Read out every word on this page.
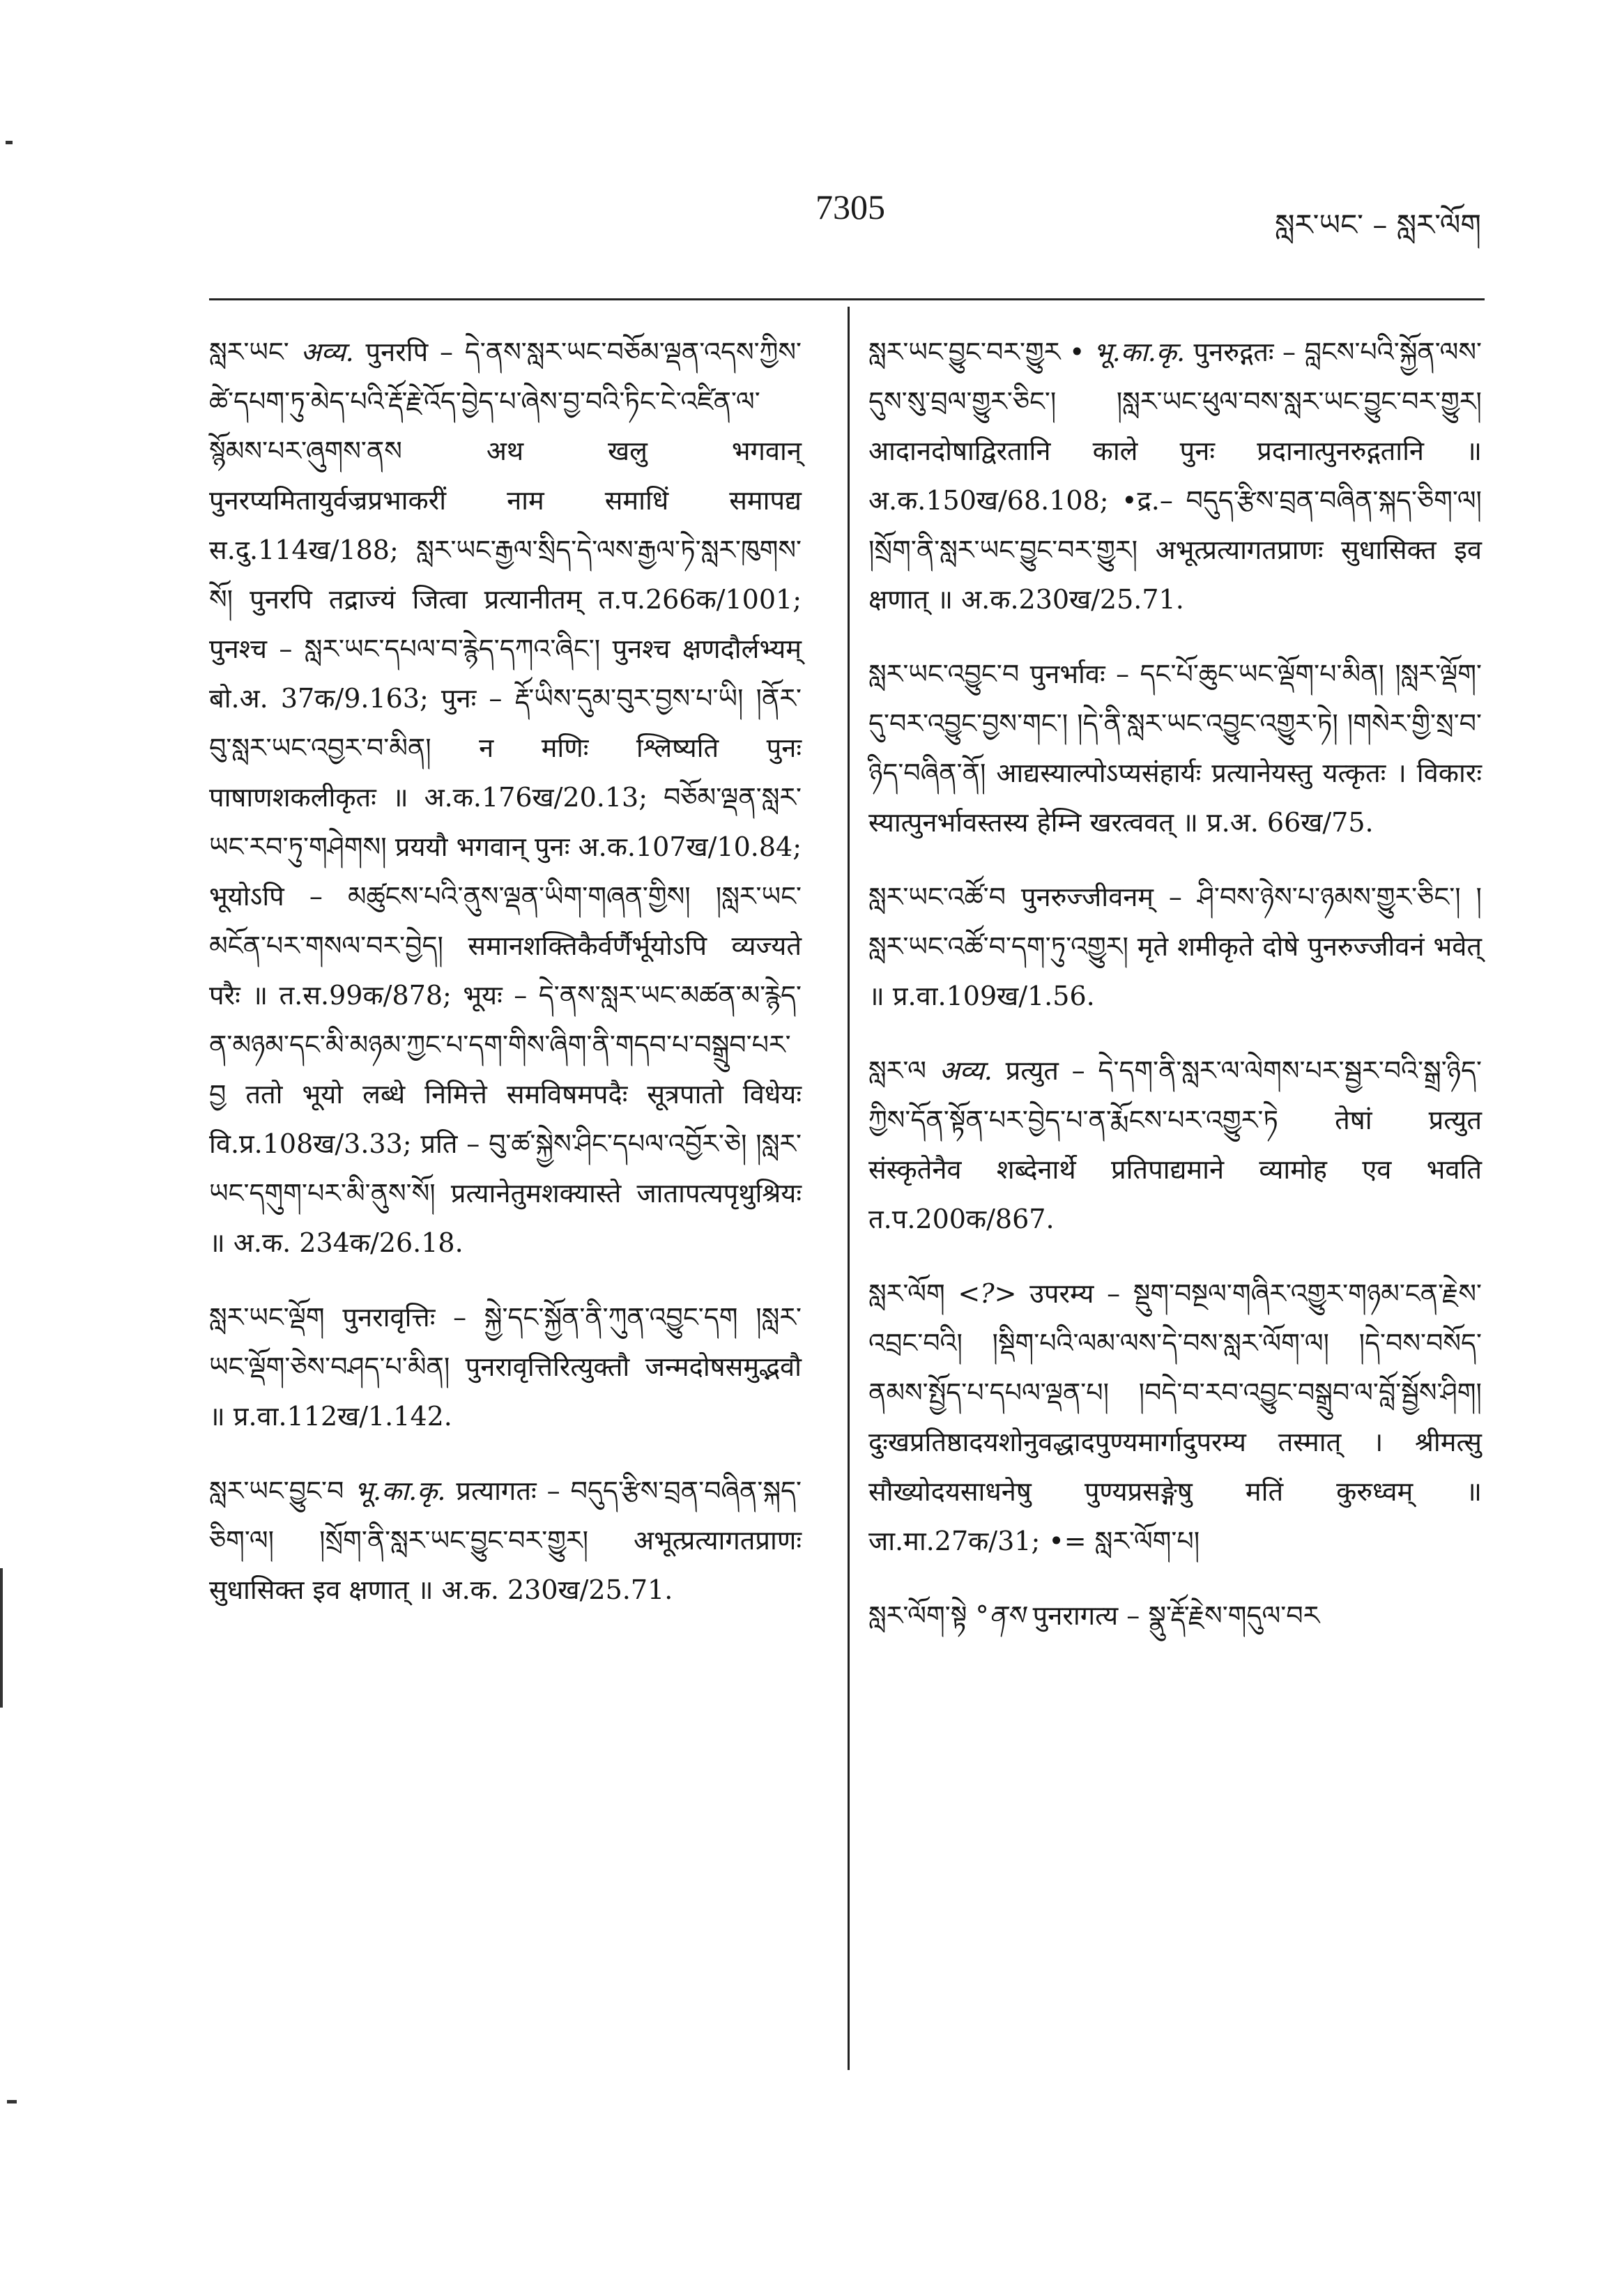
7305	སླར་ཡང་ – སླར་ལོག
སླར་ཡང་ अव्य. पुनरपि – དེ་ནས་སླར་ཡང་བཅོམ་ལྡན་འདས་ཀྱིས་ཚེ་དཔག་ཏུ་མེད་པའི་རྡོ་རྗེ་འོད་བྱེད་པ་ཞེས་བྱ་བའི་ཏིང་ངེ་འཛིན་ལ་སྙོམས་པར་ཞུགས་ནས अथ खलु भगवान् पुनरप्यमितायुर्वज्रप्रभाकरीं नाम समाधिं समापद्य स.दु.114ख/188; སླར་ཡང་རྒྱལ་སྲིད་དེ་ལས་རྒྱལ་ཏེ་སླར་ཁུགས་སོ། पुनरपि तद्राज्यं जित्वा प्रत्यानीतम् त.प.266क/1001; पुनश्च – སླར་ཡང་དཔལ་བ་རྙེད་དཀའ་ཞིང་། पुनश्च क्षणदौर्लभ्यम् बो.अ. 37क/9.163; पुनः – རྡོ་ཡིས་དུམ་བུར་བྱས་པ་ཡི། །ནོར་བུ་སླར་ཡང་འབྱར་བ་མིན། न मणिः श्लिष्यति पुनः पाषाणशकलीकृतः ॥ अ.क.176ख/20.13; བཅོམ་ལྡན་སླར་ཡང་རབ་ཏུ་གཤེགས། प्रययौ भगवान् पुनः अ.क.107ख/10.84; भूयोऽपि – མཚུངས་པའི་ནུས་ལྡན་ཡིག་གཞན་གྱིས། །སླར་ཡང་མངོན་པར་གསལ་བར་བྱེད། समानशक्तिकैर्वर्णैर्भूयोऽपि व्यज्यते परैः ॥ त.स.99क/878; भूयः – དེ་ནས་སླར་ཡང་མཚན་མ་རྙེད་ན་མཉམ་དང་མི་མཉམ་ཀྱང་པ་དག་གིས་ཞིག་ནི་གདབ་པ་བསྒྲུབ་པར་བྱ ततो भूयो लब्धे निमित्ते समविषमपदैः सूत्रपातो विधेयः वि.प्र.108ख/3.33; प्रति – བུ་ཚ་སྐྱེས་ཤིང་དཔལ་འབྱོར་ཅེ། །སླར་ཡང་དགུག་པར་མི་ནུས་སོ། प्रत्यानेतुमशक्यास्ते जातापत्यपृथुश्रियः ॥ अ.क. 234क/26.18.
སླར་ཡང་ལྡོག पुनरावृत्तिः – སྐྱེ་དང་སྐྱོན་ནི་ཀུན་འབྱུང་དག །སླར་ཡང་ལྡོག་ཅེས་བཤད་པ་མིན། पुनरावृत्तिरित्युक्तौ जन्मदोषसमुद्भवौ ॥ प्र.वा.112ख/1.142.
སླར་ཡང་བྱུང་བ भू.का.कृ. प्रत्यागतः – བདུད་རྩིས་བྲན་བཞིན་སྐད་ཅིག་ལ། །སྲོག་ནི་སླར་ཡང་བྱུང་བར་གྱུར། अभूत्प्रत्यागतप्राणः सुधासिक्त इव क्षणात् ॥ अ.क. 230ख/25.71.
སླར་ཡང་བྱུང་བར་གྱུར • भू.का.कृ. पुनरुद्गतः – བླངས་པའི་སྐྱོན་ལས་དུས་སུ་བྲལ་གྱུར་ཅིང་། །སླར་ཡང་ཕུལ་བས་སླར་ཡང་བྱུང་བར་གྱུར། आदानदोषाद्विरतानि काले पुनः प्रदानात्पुनरुद्गतानि ॥ अ.क.150ख/68.108; •द्र.– བདུད་རྩིས་བྲན་བཞིན་སྐད་ཅིག་ལ། །སྲོག་ནི་སླར་ཡང་བྱུང་བར་གྱུར། अभूत्प्रत्यागतप्राणः सुधासिक्त इव क्षणात् ॥ अ.क.230ख/25.71.
སླར་ཡང་འབྱུང་བ पुनर्भावः – དང་པོ་ཆུང་ཡང་ལྡོག་པ་མིན། །སླར་ལྡོག་དུ་བར་འབྱུང་བྱས་གང་། །དེ་ནི་སླར་ཡང་འབྱུང་འགྱུར་ཏེ། །གསེར་གྱི་སྲ་བ་ཉིད་བཞིན་ནོ། आद्यस्याल्पोऽप्यसंहार्यः प्रत्यानेयस्तु यत्कृतः । विकारः स्यात्पुनर्भावस्तस्य हेम्नि खरत्ववत् ॥ प्र.अ. 66ख/75.
སླར་ཡང་འཚོ་བ पुनरुज्जीवनम् – ཤི་བས་ཉེས་པ་ཉམས་གྱུར་ཅིང་། །སླར་ཡང་འཚོ་བ་དག་ཏུ་འགྱུར། मृते शमीकृते दोषे पुनरुज्जीवनं भवेत् ॥ प्र.वा.109ख/1.56.
སླར་ལ अव्य. प्रत्युत – དེ་དག་ནི་སླར་ལ་ལེགས་པར་སྦྱར་བའི་སྒྲ་ཉིད་ཀྱིས་དོན་སྟོན་པར་བྱེད་པ་ན་རྨོངས་པར་འགྱུར་ཏེ तेषां प्रत्युत संस्कृतेनैव शब्देनार्थे प्रतिपाद्यमाने व्यामोह एव भवति त.प.200क/867.
སླར་ལོག <?> उपरम्य – སྡུག་བསྔལ་གཞིར་འགྱུར་གཉམ་ངན་རྗེས་འབྲང་བའི། །སྡིག་པའི་ལམ་ལས་དེ་བས་སླར་ལོག་ལ། །དེ་བས་བསོད་ནམས་སྤྱོད་པ་དཔལ་ལྡན་པ། །བདེ་བ་རབ་འབྱུང་བསྒྲུབ་ལ་བློ་སྦྱོས་ཤིག། दुःखप्रतिष्ठादयशोनुवद्धादपुण्यमार्गादुपरम्य तस्मात् । श्रीमत्सु सौख्योदयसाधनेषु पुण्यप्रसङ्गेषु मतिं कुरुध्वम् ॥ जा.मा.27क/31; •= སླར་ལོག་པ།
སླར་ལོག་སྟེ °ནས पुनरागत्य – སྣུ་རྡོ་རྗེས་གདུལ་བར
